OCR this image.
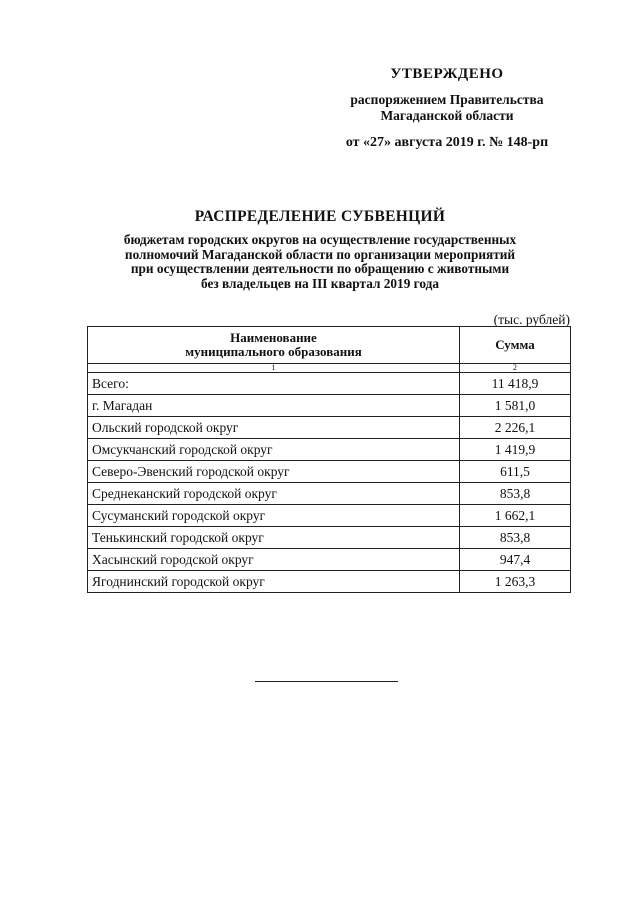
УТВЕРЖДЕНО
распоряжением Правительства
Магаданской области
от «27» августа 2019 г. № 148-рп
РАСПРЕДЕЛЕНИЕ СУБВЕНЦИЙ
бюджетам городских округов на осуществление государственных
полномочий Магаданской области по организации мероприятий
при осуществлении деятельности по обращению с животными
без владельцев на III квартал 2019 года
(тыс. рублей)
Наименование
муниципального образования	Сумма
1	2
Всего:	11 418,9
г. Магадан	1 581,0
Ольский городской округ	2 226,1
Омсукчанский городской округ	1 419,9
Северо-Эвенский городской округ	611,5
Среднеканский городской округ	853,8
Сусуманский городской округ	1 662,1
Тенькинский городской округ	853,8
Хасынский городской округ	947,4
Ягоднинский городской округ	1 263,3
